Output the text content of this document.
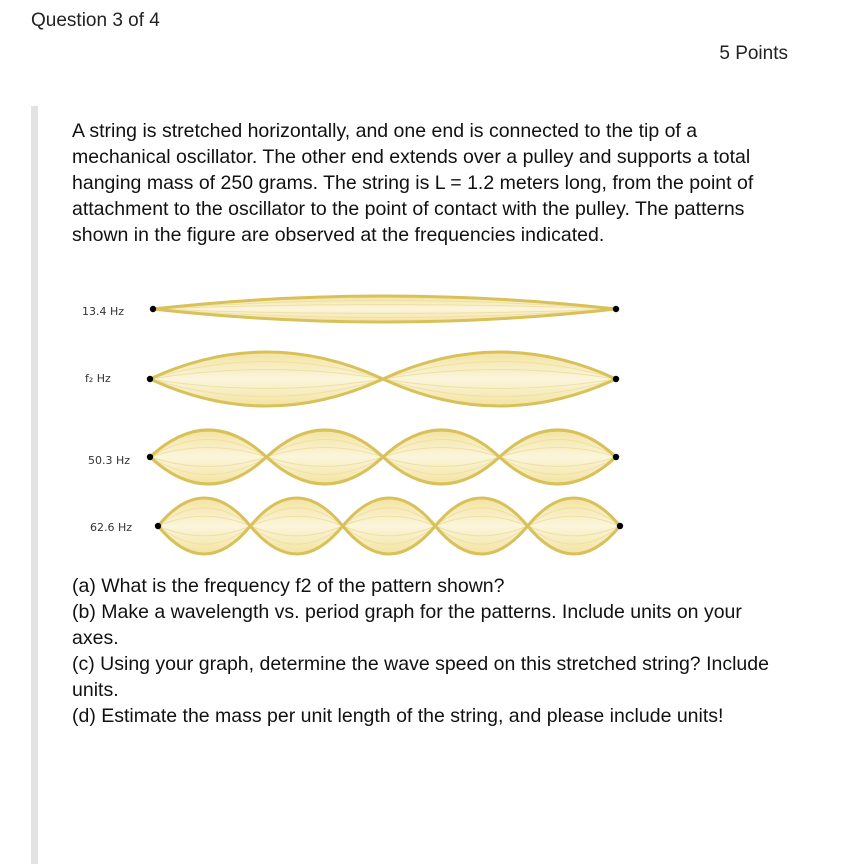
Question 3 of 4
5 Points

A string is stretched horizontally, and one end is connected to the tip of a mechanical oscillator. The other end extends over a pulley and supports a total hanging mass of 250 grams. The string is L = 1.2 meters long, from the point of attachment to the oscillator to the point of contact with the pulley. The patterns shown in the figure are observed at the frequencies indicated.

13.4 Hz
f₂ Hz
50.3 Hz
62.6 Hz

(a) What is the frequency f2 of the pattern shown?

(b) Make a wavelength vs. period graph for the patterns. Include units on your axes.

(c) Using your graph, determine the wave speed on this stretched string? Include units.

(d) Estimate the mass per unit length of the string, and please include units!
